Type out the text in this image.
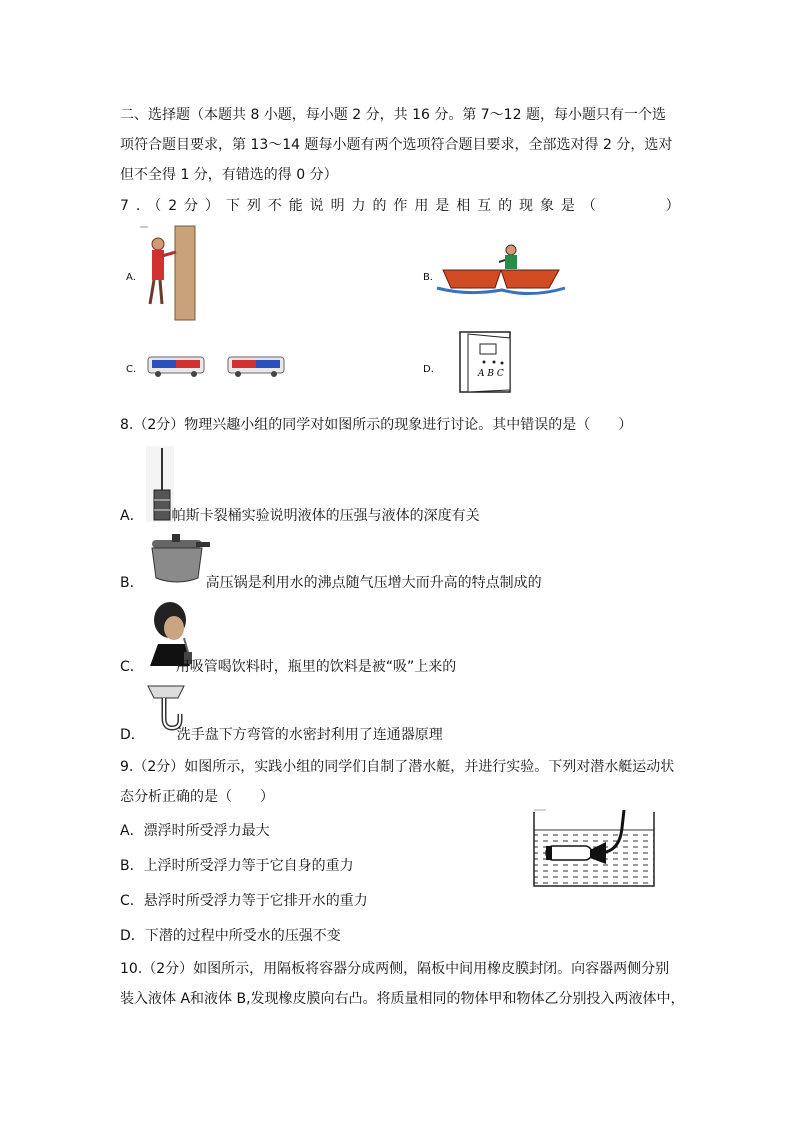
二、选择题（本题共 8 小题，每小题 2 分，共 16 分。第 7～12 题，每小题只有一个选
项符合题目要求，第 13～14 题每小题有两个选项符合题目要求，全部选对得 2 分，选对
但不全得 1 分，有错选的得 0 分）
7 . （ 2 分 ） 下 列 不 能 说 明 力 的 作 用 是 相 互 的 现 象 是 （

　	）
A．	B．
C．	D．	A B C
8.（2分）物理兴趣小组的同学对如图所示的现象进行讨论。其中错误的是（　　）
A． 帕斯卡裂桶实验说明液体的压强与液体的深度有关
B．	高压锅是利用水的沸点随气压增大而升高的特点制成的
C． 用吸管喝饮料时，瓶里的饮料是被“吸”上来的
D． 洗手盘下方弯管的水密封利用了连通器原理
9.（2分）如图所示，实践小组的同学们自制了潜水艇，并进行实验。下列对潜水艇运动状
态分析正确的是（　　）
A．漂浮时所受浮力最大
B．上浮时所受浮力等于它自身的重力
C．悬浮时所受浮力等于它排开水的重力
D．下潜的过程中所受水的压强不变
10.（2分）如图所示，用隔板将容器分成两侧，隔板中间用橡皮膜封闭。向容器两侧分别
装入液体 A和液体 B,发现橡皮膜向右凸。将质量相同的物体甲和物体乙分别投入两液体中，
